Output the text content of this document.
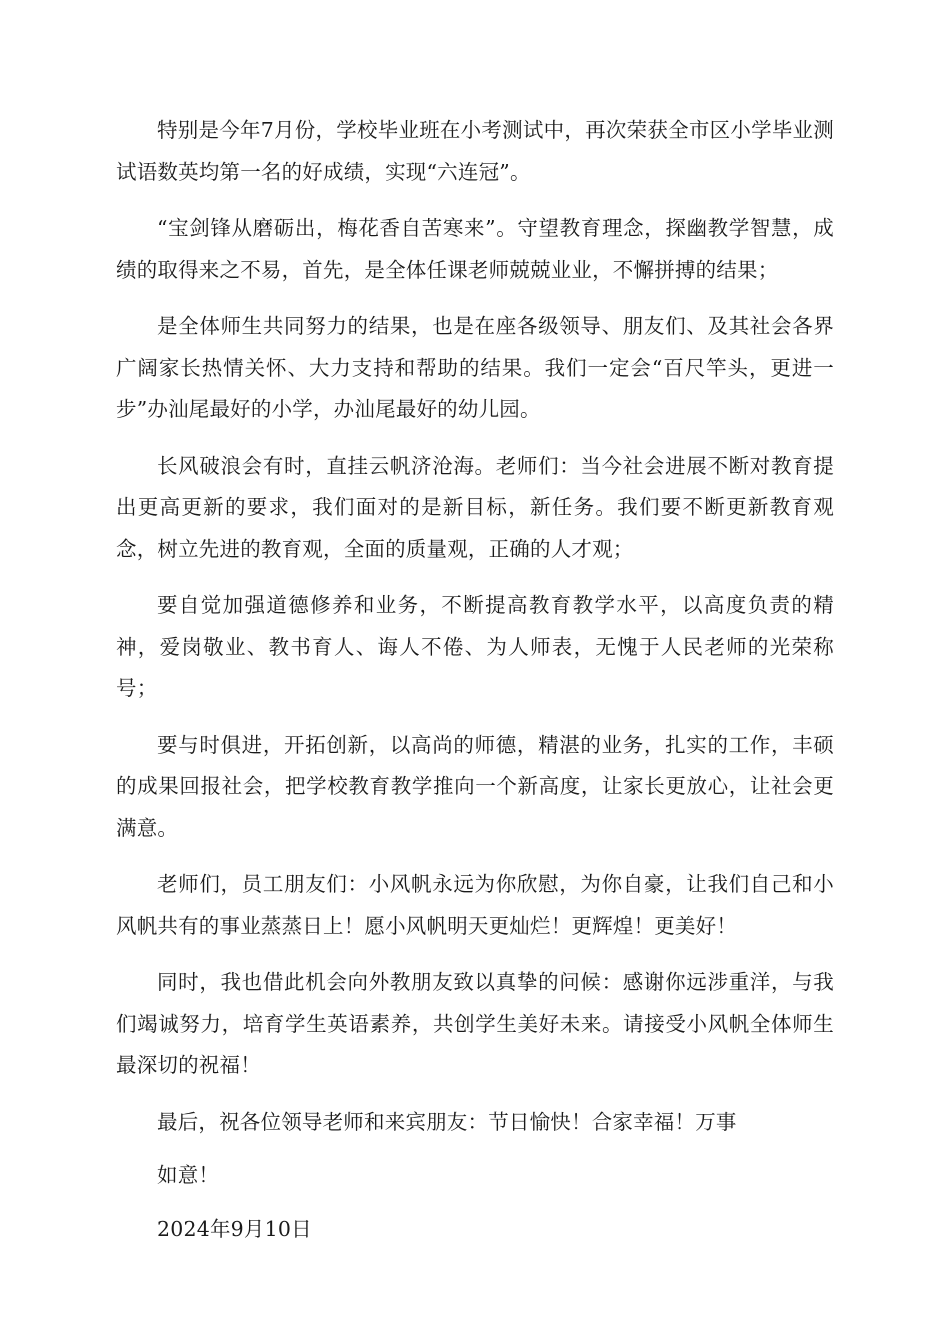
特别是今年7月份，学校毕业班在小考测试中，再次荣获全市区小学毕业测试语数英均第一名的好成绩，实现“六连冠”。

“宝剑锋从磨砺出，梅花香自苦寒来”。守望教育理念，探幽教学智慧，成绩的取得来之不易，首先，是全体任课老师兢兢业业，不懈拼搏的结果；

是全体师生共同努力的结果，也是在座各级领导、朋友们、及其社会各界广阔家长热情关怀、大力支持和帮助的结果。我们一定会“百尺竿头，更进一步”办汕尾最好的小学，办汕尾最好的幼儿园。

长风破浪会有时，直挂云帆济沧海。老师们：当今社会进展不断对教育提出更高更新的要求，我们面对的是新目标，新任务。我们要不断更新教育观念，树立先进的教育观，全面的质量观，正确的人才观；

要自觉加强道德修养和业务，不断提高教育教学水平，以高度负责的精神，爱岗敬业、教书育人、诲人不倦、为人师表，无愧于人民老师的光荣称号；

要与时俱进，开拓创新，以高尚的师德，精湛的业务，扎实的工作，丰硕的成果回报社会，把学校教育教学推向一个新高度，让家长更放心，让社会更满意。

老师们，员工朋友们：小风帆永远为你欣慰，为你自豪，让我们自己和小风帆共有的事业蒸蒸日上！愿小风帆明天更灿烂！更辉煌！更美好！

同时，我也借此机会向外教朋友致以真挚的问候：感谢你远涉重洋，与我们竭诚努力，培育学生英语素养，共创学生美好未来。请接受小风帆全体师生最深切的祝福！

最后，祝各位领导老师和来宾朋友：节日愉快！合家幸福！万事

如意！

2024年9月10日
